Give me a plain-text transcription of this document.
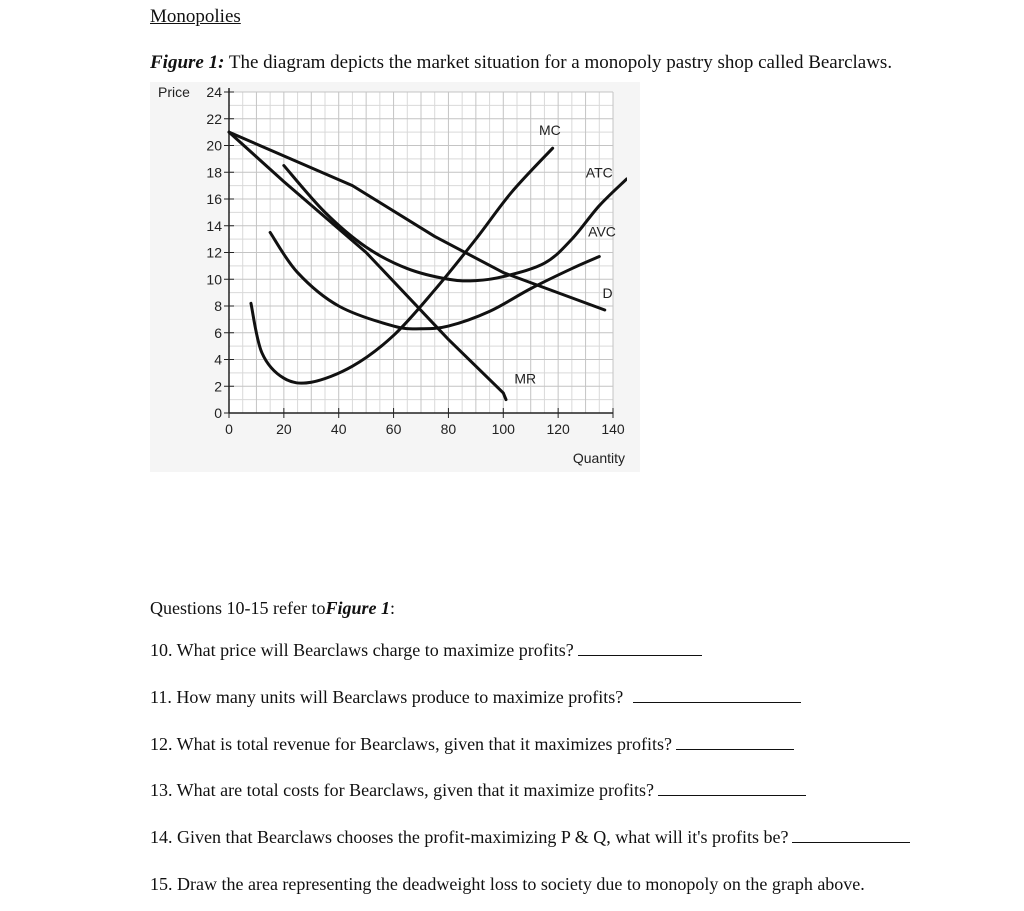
Monopolies
Figure 1: The diagram depicts the market situation for a monopoly pastry shop called Bearclaws.
0
2
4
6
8
10
12
14
16
18
20
22
24
0	20	40	60	80	100 120 140
Price
Quantity
MC
ATC
AVC
D
MR
Questions 10-15 refer toFigure 1:
10. What price will Bearclaws charge to maximize profits?
11. How many units will Bearclaws produce to maximize profits?
12. What is total revenue for Bearclaws, given that it maximizes profits?
13. What are total costs for Bearclaws, given that it maximize profits?
14. Given that Bearclaws chooses the profit-maximizing P & Q, what will it's profits be?
15. Draw the area representing the deadweight loss to society due to monopoly on the graph above.
